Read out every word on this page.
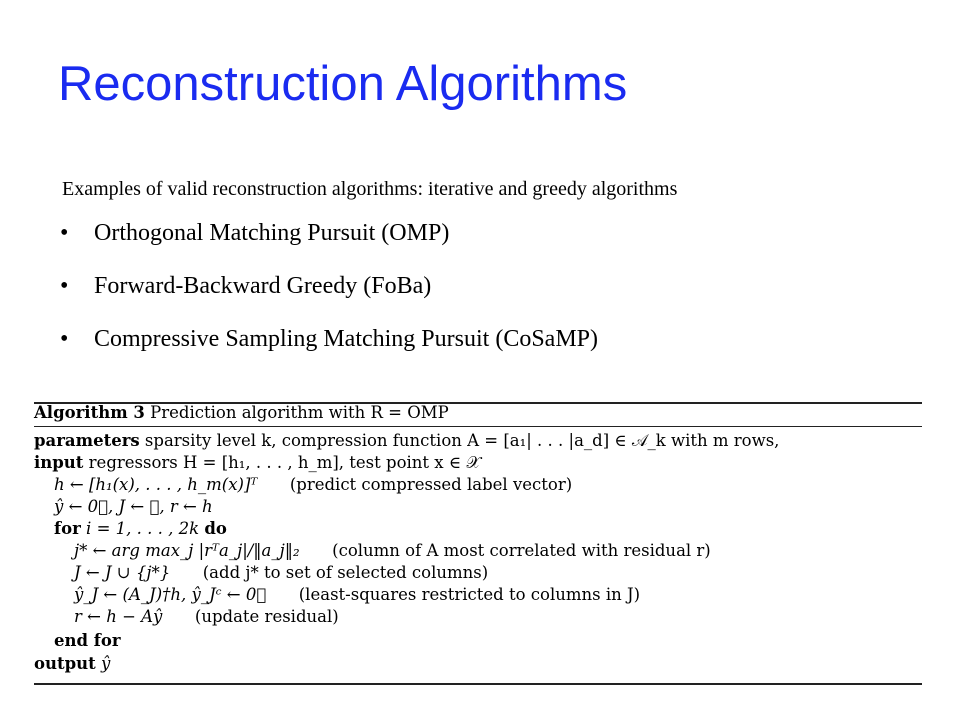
Reconstruction Algorithms
Examples of valid reconstruction algorithms: iterative and greedy algorithms
• Orthogonal Matching Pursuit (OMP)
• Forward-Backward Greedy (FoBa)
• Compressive Sampling Matching Pursuit (CoSaMP)
Algorithm 3 Prediction algorithm with R = OMP
parameters sparsity level k, compression function A = [a₁| . . . |a_d] ∈ 𝒜_k with m rows,
input regressors H = [h₁, . . . , h_m], test point x ∈ 𝒳
h ← [h₁(x), . . . , h_m(x)]ᵀ (predict compressed label vector)
ŷ ← 0⃗, J ← ∅, r ← h
for i = 1, . . . , 2k do
j* ← arg max_j |rᵀa_j|/‖a_j‖₂ (column of A most correlated with residual r)
J ← J ∪ {j*} (add j* to set of selected columns)
ŷ_J ← (A_J)†h, ŷ_Jᶜ ← 0⃗ (least-squares restricted to columns in J)
r ← h − Aŷ (update residual)
end for
output ŷ
